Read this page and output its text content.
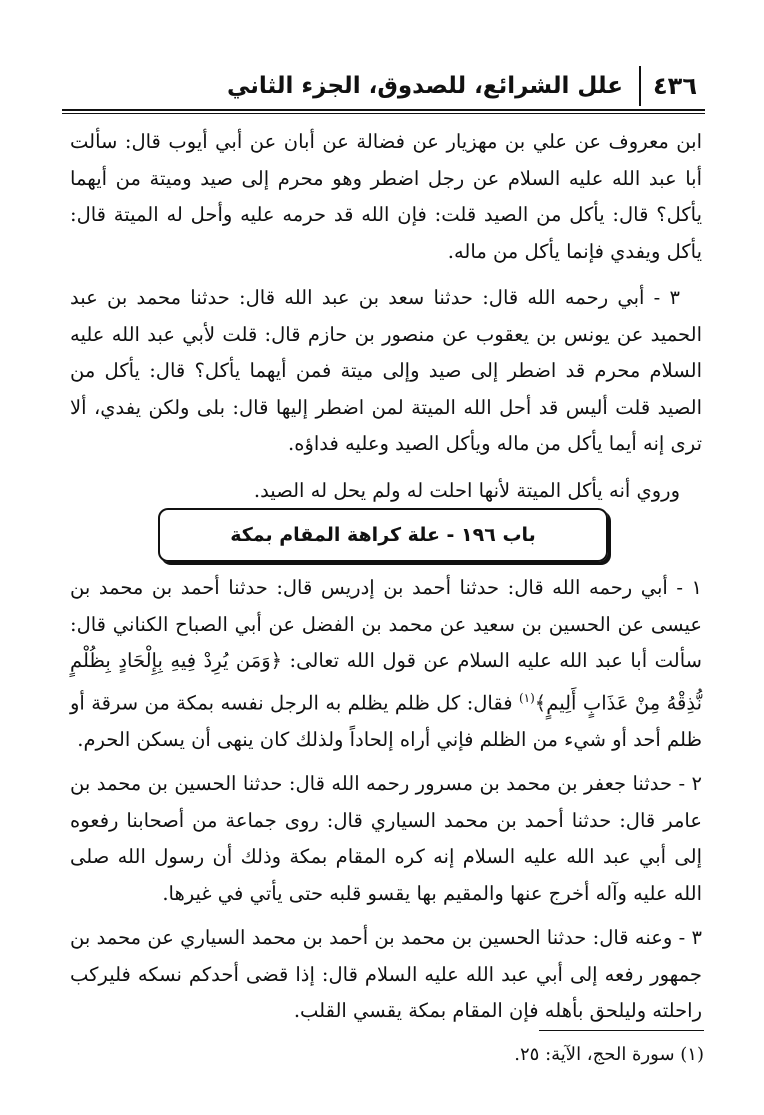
٤٣٦
علل الشرائع، للصدوق، الجزء الثاني

ابن معروف عن علي بن مهزيار عن فضالة عن أبان عن أبي أيوب قال: سألت أبا عبد الله عليه السلام عن رجل اضطر وهو محرم إلى صيد وميتة من أيهما يأكل؟ قال: يأكل من الصيد قلت: فإن الله قد حرمه عليه وأحل له الميتة قال: يأكل ويفدي فإنما يأكل من ماله.

٣ - أبي رحمه الله قال: حدثنا سعد بن عبد الله قال: حدثنا محمد بن عبد الحميد عن يونس بن يعقوب عن منصور بن حازم قال: قلت لأبي عبد الله عليه السلام محرم قد اضطر إلى صيد وإلى ميتة فمن أيهما يأكل؟ قال: يأكل من الصيد قلت أليس قد أحل الله الميتة لمن اضطر إليها قال: بلى ولكن يفدي، ألا ترى إنه أيما يأكل من ماله ويأكل الصيد وعليه فداؤه.

وروي أنه يأكل الميتة لأنها احلت له ولم يحل له الصيد.

باب ١٩٦ - علة كراهة المقام بمكة

١ - أبي رحمه الله قال: حدثنا أحمد بن إدريس قال: حدثنا أحمد بن محمد بن عيسى عن الحسين بن سعيد عن محمد بن الفضل عن أبي الصباح الكناني قال: سألت أبا عبد الله عليه السلام عن قول الله تعالى: ﴿وَمَن يُرِدْ فِيهِ بِإِلْحَادٍ بِظُلْمٍ نُّذِقْهُ مِنْ عَذَابٍ أَلِيمٍ﴾$^{(١)}$ فقال: كل ظلم يظلم به الرجل نفسه بمكة من سرقة أو ظلم أحد أو شيء من الظلم فإني أراه إلحاداً ولذلك كان ينهى أن يسكن الحرم.

٢ - حدثنا جعفر بن محمد بن مسرور رحمه الله قال: حدثنا الحسين بن محمد بن عامر قال: حدثنا أحمد بن محمد السياري قال: روى جماعة من أصحابنا رفعوه إلى أبي عبد الله عليه السلام إنه كره المقام بمكة وذلك أن رسول الله صلى الله عليه وآله أخرج عنها والمقيم بها يقسو قلبه حتى يأتي في غيرها.

٣ - وعنه قال: حدثنا الحسين بن محمد بن أحمد بن محمد السياري عن محمد بن جمهور رفعه إلى أبي عبد الله عليه السلام قال: إذا قضى أحدكم نسكه فليركب راحلته وليلحق بأهله فإن المقام بمكة يقسي القلب.

(١) سورة الحج، الآية: ٢٥.
